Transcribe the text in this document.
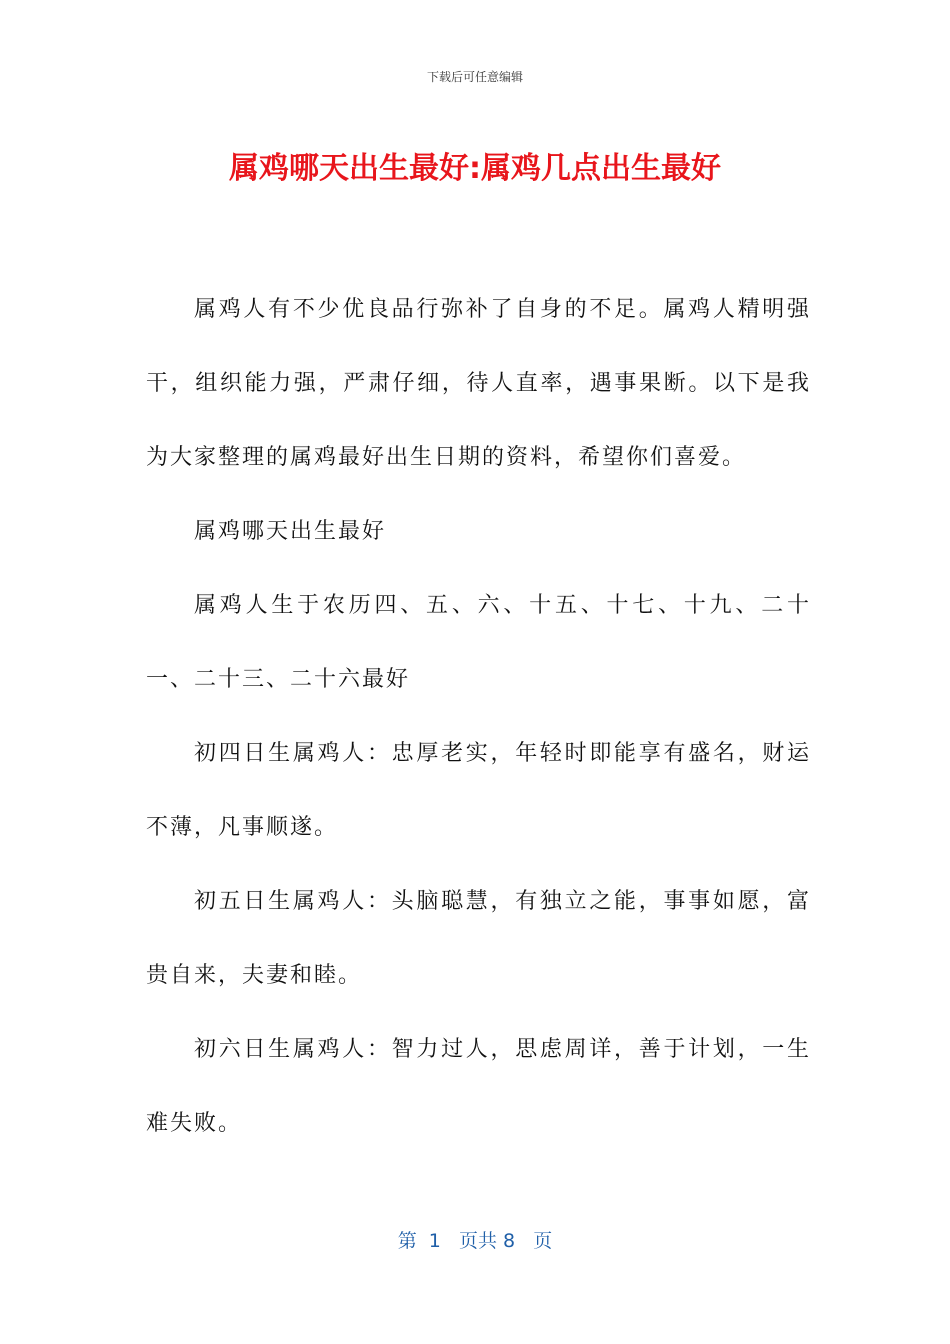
下载后可任意编辑
属鸡哪天出生最好:属鸡几点出生最好

属鸡人有不少优良品行弥补了自身的不足。属鸡人精明强干，组织能力强，严肃仔细，待人直率，遇事果断。以下是我为大家整理的属鸡最好出生日期的资料，希望你们喜爱。

属鸡哪天出生最好

属鸡人生于农历四、五、六、十五、十七、十九、二十一、二十三、二十六最好

初四日生属鸡人：忠厚老实，年轻时即能享有盛名，财运不薄，凡事顺遂。

初五日生属鸡人：头脑聪慧，有独立之能，事事如愿，富贵自来，夫妻和睦。

初六日生属鸡人：智力过人，思虑周详，善于计划，一生难失败。

第  1   页共 8   页
